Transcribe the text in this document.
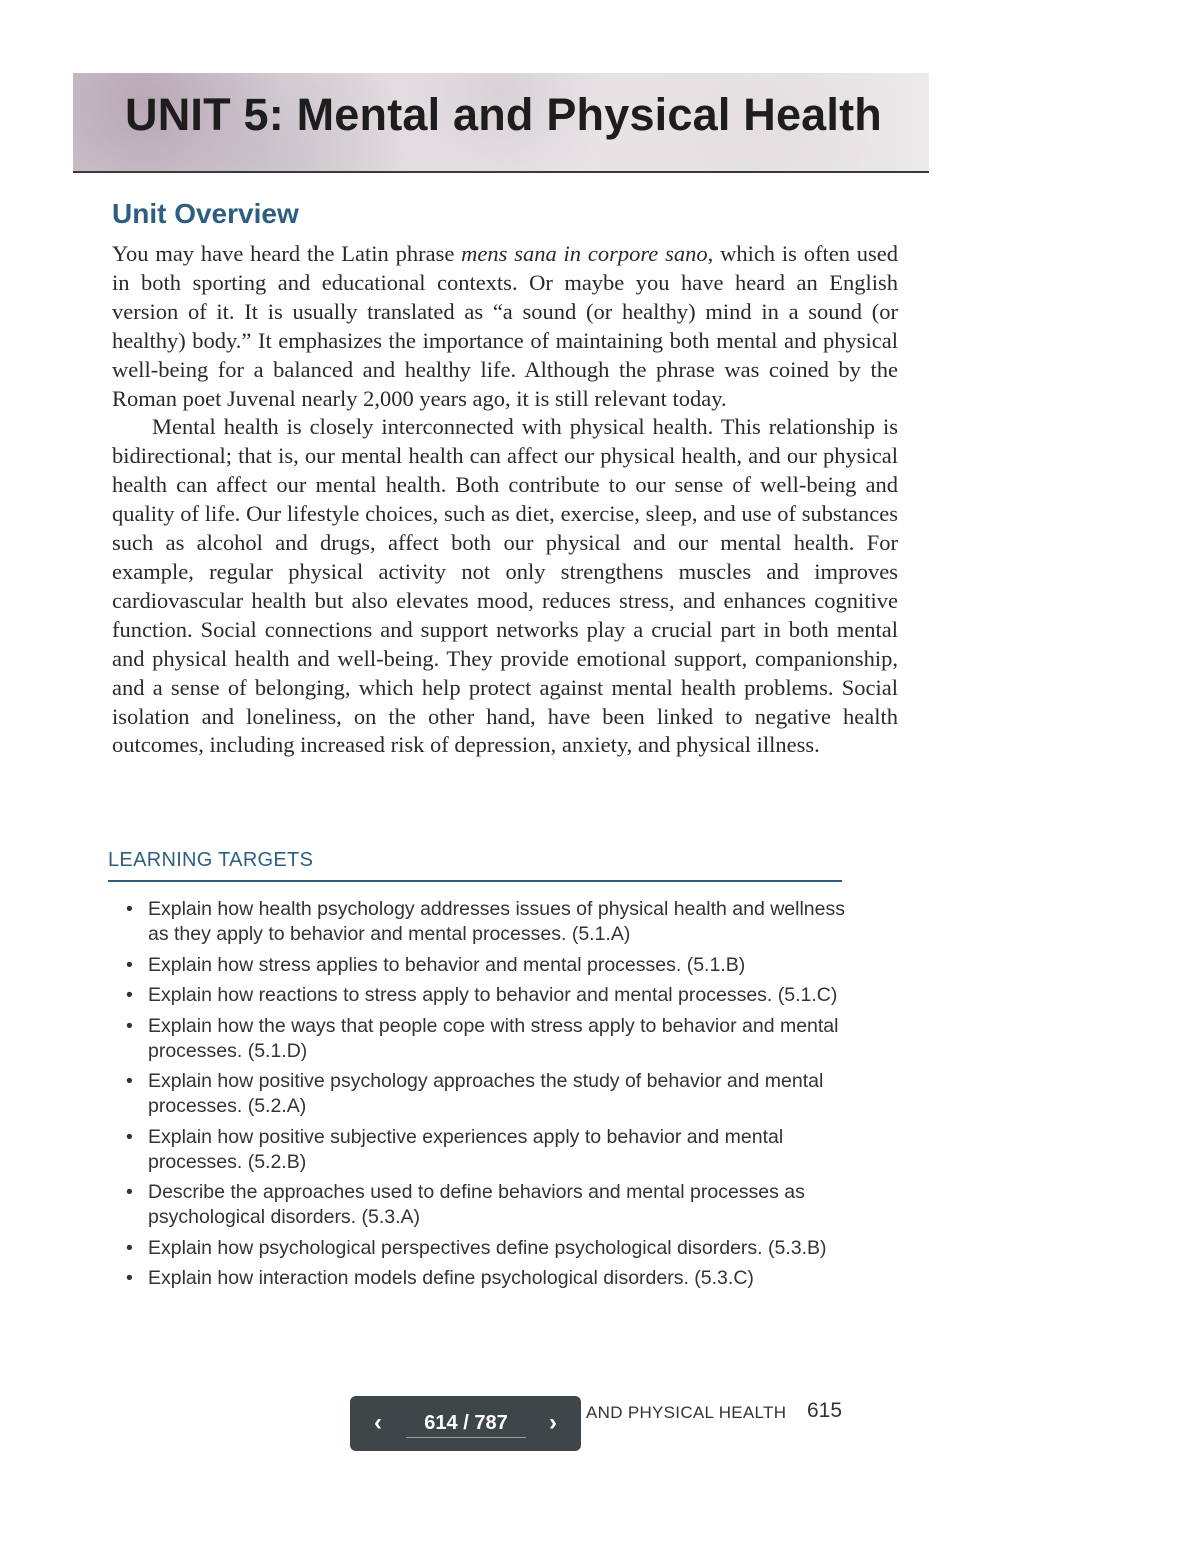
UNIT 5: Mental and Physical Health
Unit Overview

You may have heard the Latin phrase mens sana in corpore sano, which is often used in both sporting and educational contexts. Or maybe you have heard an English version of it. It is usually translated as “a sound (or healthy) mind in a sound (or healthy) body.” It emphasizes the importance of maintaining both mental and physical well-being for a balanced and healthy life. Although the phrase was coined by the Roman poet Juvenal nearly 2,000 years ago, it is still relevant today.

Mental health is closely interconnected with physical health. This relationship is bidirectional; that is, our mental health can affect our physical health, and our physical health can affect our mental health. Both contribute to our sense of well-being and quality of life. Our lifestyle choices, such as diet, exercise, sleep, and use of substances such as alcohol and drugs, affect both our physical and our mental health. For example, regular physical activity not only strengthens muscles and improves cardiovascular health but also elevates mood, reduces stress, and enhances cognitive function. Social connections and support networks play a crucial part in both mental and physical health and well-being. They provide emotional support, companionship, and a sense of belonging, which help protect against mental health problems. Social isolation and loneliness, on the other hand, have been linked to negative health outcomes, including increased risk of depression, anxiety, and physical illness.

LEARNING TARGETS
• Explain how health psychology addresses issues of physical health and wellness as they apply to behavior and mental processes. (5.1.A)
• Explain how stress applies to behavior and mental processes. (5.1.B)
• Explain how reactions to stress apply to behavior and mental processes. (5.1.C)
• Explain how the ways that people cope with stress apply to behavior and mental processes. (5.1.D)
• Explain how positive psychology approaches the study of behavior and mental processes. (5.2.A)
• Explain how positive subjective experiences apply to behavior and mental processes. (5.2.B)
• Describe the approaches used to define behaviors and mental processes as psychological disorders. (5.3.A)
• Explain how psychological perspectives define psychological disorders. (5.3.B)
• Explain how interaction models define psychological disorders. (5.3.C)
‹	614 / 787	›	AND PHYSICAL HEALTH 615
